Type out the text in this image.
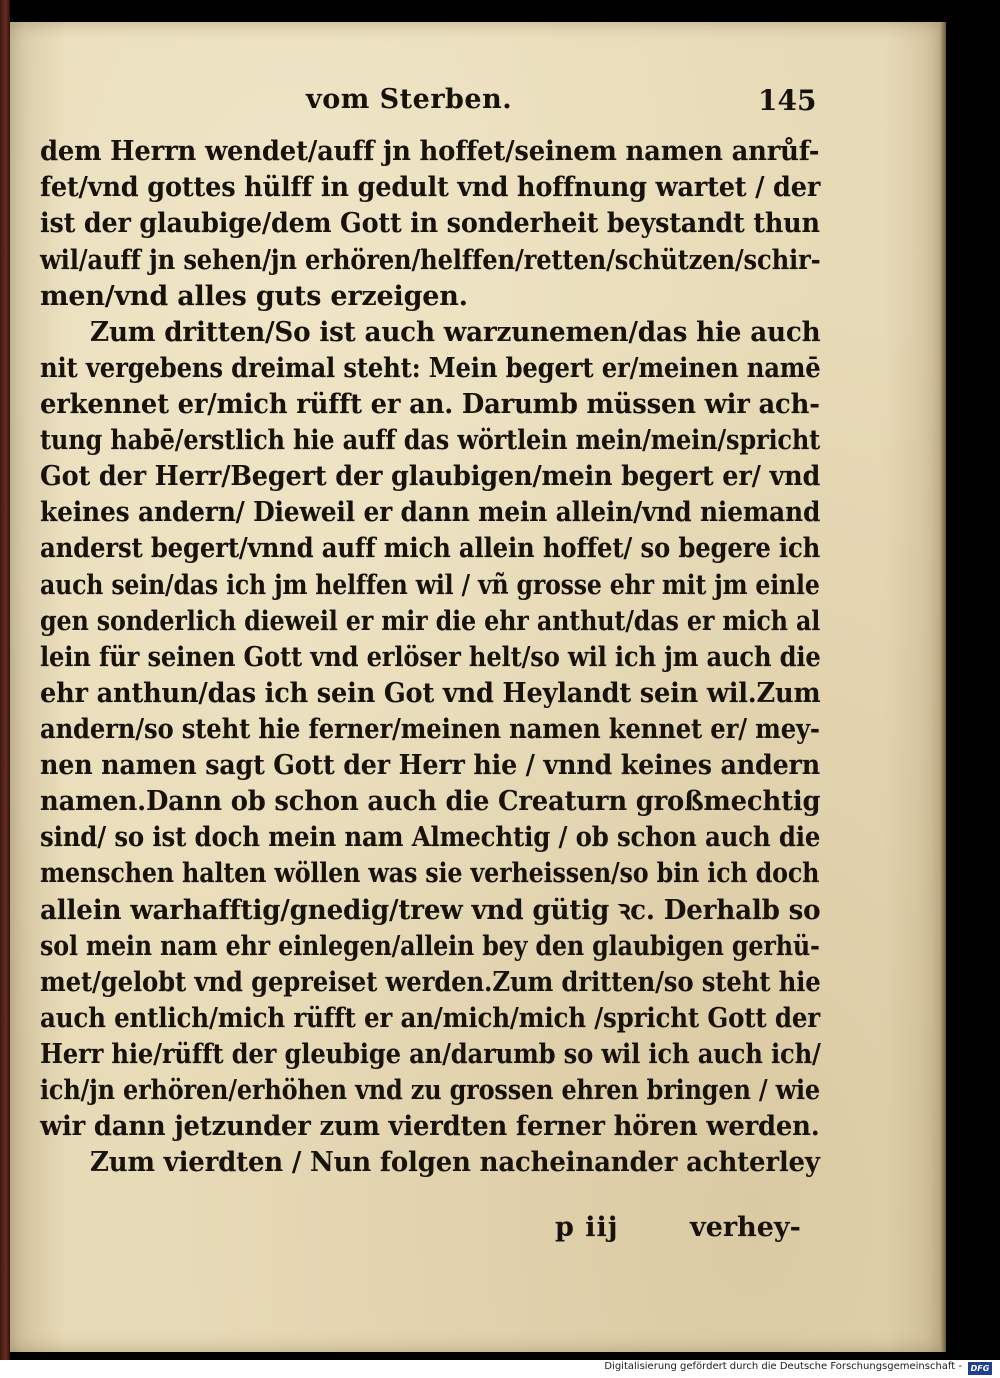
vom Sterben.	145

dem Herrn wendet/auff jn hoffet/seinem namen anrůf-

fet/vnd gottes hülff in gedult vnd hoffnung wartet / der

ist der glaubige/dem Gott in sonderheit beystandt thun

wil/auff jn sehen/jn erhören/helffen/retten/schützen/schir-

men/vnd alles guts erzeigen.

Zum dritten/So ist auch warzunemen/das hie auch

nit vergebens dreimal steht: Mein begert er/meinen namē

erkennet er/mich rüfft er an. Darumb müssen wir ach-

tung habē/erstlich hie auff das wörtlein mein/mein/spricht

Got der Herr/Begert der glaubigen/mein begert er/ vnd

keines andern/ Dieweil er dann mein allein/vnd niemand

anderst begert/vnnd auff mich allein hoffet/ so begere ich

auch sein/das ich jm helffen wil / vñ grosse ehr mit jm einle

gen sonderlich dieweil er mir die ehr anthut/das er mich al

lein für seinen Gott vnd erlöser helt/so wil ich jm auch die

ehr anthun/das ich sein Got vnd Heylandt sein wil.Zum

andern/so steht hie ferner/meinen namen kennet er/ mey-

nen namen sagt Gott der Herr hie / vnnd keines andern

namen.Dann ob schon auch die Creaturn großmechtig

sind/ so ist doch mein nam Almechtig / ob schon auch die

menschen halten wöllen was sie verheissen/so bin ich doch

allein warhafftig/gnedig/trew vnd gütig ꝛc. Derhalb so

sol mein nam ehr einlegen/allein bey den glaubigen gerhü-

met/gelobt vnd gepreiset werden.Zum dritten/so steht hie

auch entlich/mich rüfft er an/mich/mich /spricht Gott der

Herr hie/rüfft der gleubige an/darumb so wil ich auch ich/

ich/jn erhören/erhöhen vnd zu grossen ehren bringen / wie

wir dann jetzunder zum vierdten ferner hören werden.

Zum vierdten / Nun folgen nacheinander achterley

p iij	verhey-
Digitalisierung gefördert durch die Deutsche Forschungsgemeinschaft -	DFG
